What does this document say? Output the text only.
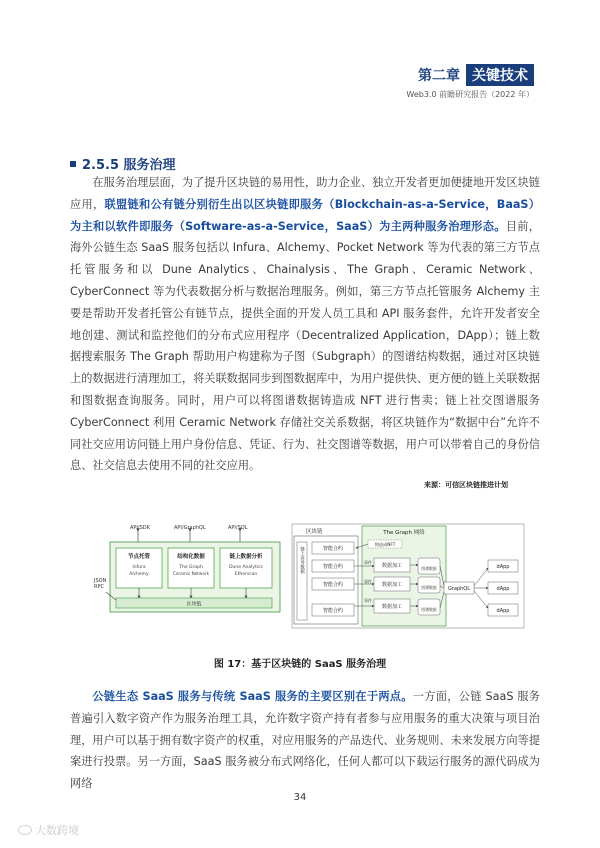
第二章 关键技术
Web3.0 前瞻研究报告（2022 年）
2.5.5 服务治理
在服务治理层面，为了提升区块链的易用性，助力企业、独立开发者更加便捷地开发区块链应用，联盟链和公有链分别衍生出以区块链即服务（Blockchain-as-a-Service，BaaS）为主和以软件即服务（Software-as-a-Service，SaaS）为主两种服务治理形态。目前，海外公链生态 SaaS 服务包括以 Infura、Alchemy、Pocket Network 等为代表的第三方节点托管服务和以 Dune Analytics、Chainalysis、The Graph、Ceramic Network、CyberConnect 等为代表数据分析与数据治理服务。例如，第三方节点托管服务 Alchemy 主要是帮助开发者托管公有链节点，提供全面的开发人员工具和 API 服务套件，允许开发者安全地创建、测试和监控他们的分布式应用程序（Decentralized Application，DApp）；链上数据搜索服务 The Graph 帮助用户构建称为子图（Subgraph）的图谱结构数据，通过对区块链上的数据进行清理加工，将关联数据同步到图数据库中，为用户提供快、更方便的链上关联数据和图数据查询服务。同时，用户可以将图谱数据铸造成 NFT 进行售卖；链上社交图谱服务 CyberConnect 利用 Ceramic Network 存储社交关系数据，将区块链作为“数据中台”允许不同社交应用访问链上用户身份信息、凭证、行为、社交图谱等数据，用户可以带着自己的身份信息、社交信息去使用不同的社交应用。
来源：可信区块链推进计划
API/SDK	API/GraphQL	API/SQL
节点托管
Infura
Alchemy
结构化数据
The Graph
Ceramic Network
链上数据分析
Dune Analytics
Etherscan
区块链
JSON
RPC
区块链
链上业务数据	智能合约
智能合约
智能合约
智能合约
The Graph 网络
铸造成NFT
事件
事件
事件
数据加工
数据加工
数据加工
图谱数据
图谱数据
图谱数据
GraphQL
dApp
dApp
dApp
图 17：基于区块链的 SaaS 服务治理
公链生态 SaaS 服务与传统 SaaS 服务的主要区别在于两点。一方面，公链 SaaS 服务普遍引入数字资产作为服务治理工具，允许数字资产持有者参与应用服务的重大决策与项目治理，用户可以基于拥有数字资产的权重，对应用服务的产品迭代、业务规则、未来发展方向等提案进行投票。另一方面，SaaS 服务被分布式网络化，任何人都可以下载运行服务的源代码成为网络
34
大数跨境
